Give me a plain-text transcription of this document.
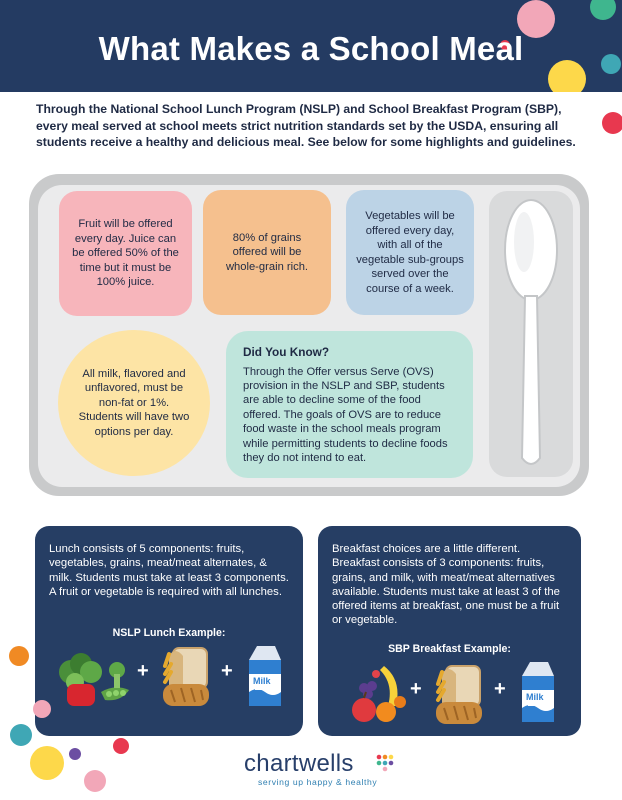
What Makes a School Meal
Through the National School Lunch Program (NSLP) and School Breakfast Program (SBP), every meal served at school meets strict nutrition standards set by the USDA, ensuring all students receive a healthy and delicious meal. See below for some highlights and guidelines.
Fruit will be offered every day. Juice can be offered 50% of the time but it must be 100% juice.
80% of grains offered will be whole-grain rich.
Vegetables will be offered every day, with all of the vegetable sub-groups served over the course of a week.
All milk, flavored and unflavored, must be non-fat or 1%. Students will have two options per day.
Did You Know?
Through the Offer versus Serve (OVS) provision in the NSLP and SBP, students are able to decline some of the food offered. The goals of OVS are to reduce food waste in the school meals program while permitting students to decline foods they do not intend to eat.
Lunch consists of 5 components: fruits, vegetables, grains, meat/meat alternates, & milk. Students must take at least 3 components. A fruit or vegetable is required with all lunches.
NSLP Lunch Example:
+	+ Milk
Breakfast choices are a little different. Breakfast consists of 3 components: fruits, grains, and milk, with meat/meat alternatives available. Students must take at least 3 of the offered items at breakfast, one must be a fruit or vegetable.
SBP Breakfast Example:
+	+ Milk
chartwells
serving up happy & healthy
